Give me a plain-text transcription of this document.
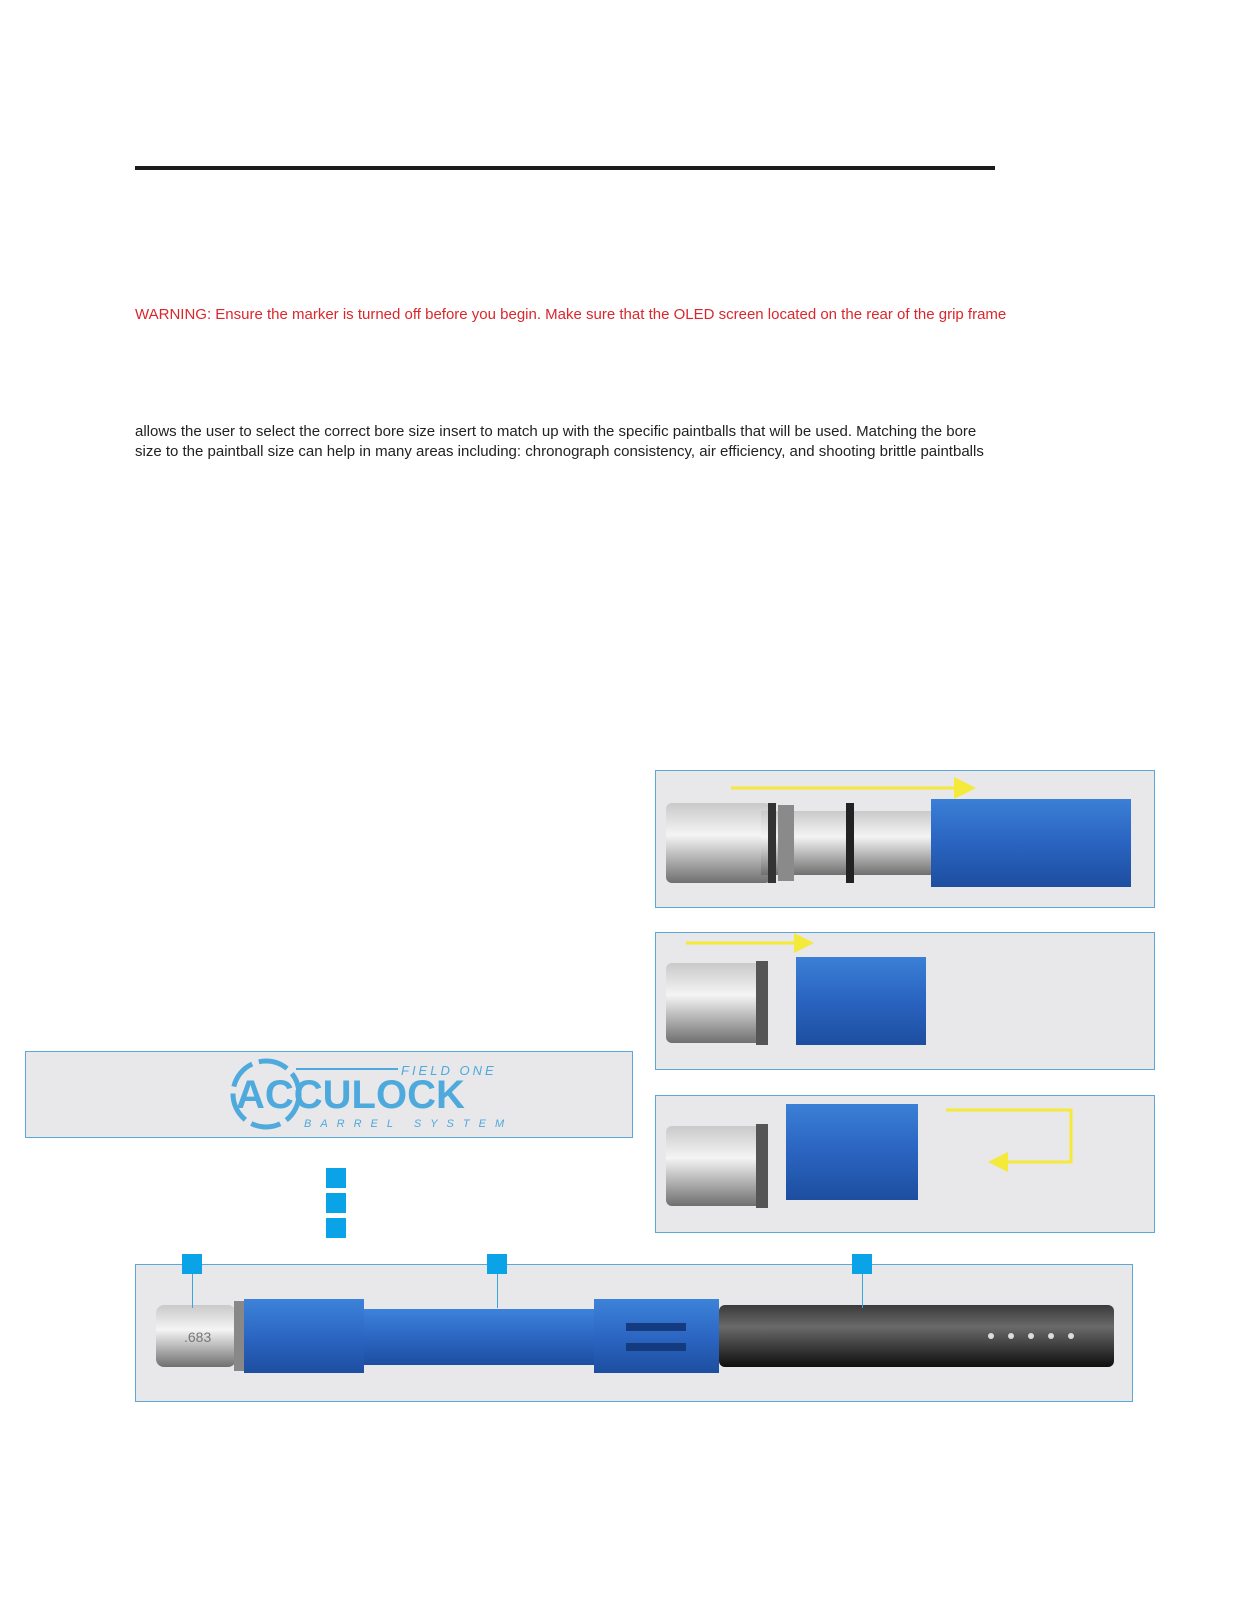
WARNING: Ensure the marker is turned off before you begin. Make sure that the OLED screen located on the rear of the grip frame
allows the user to select the correct bore size insert to match up with the specific paintballs that will be used. Matching the bore
size to the paintball size can help in many areas including: chronograph consistency, air efficiency, and shooting brittle paintballs
FIELD ONE
ACCULOCK
BARREL SYSTEM
.683
